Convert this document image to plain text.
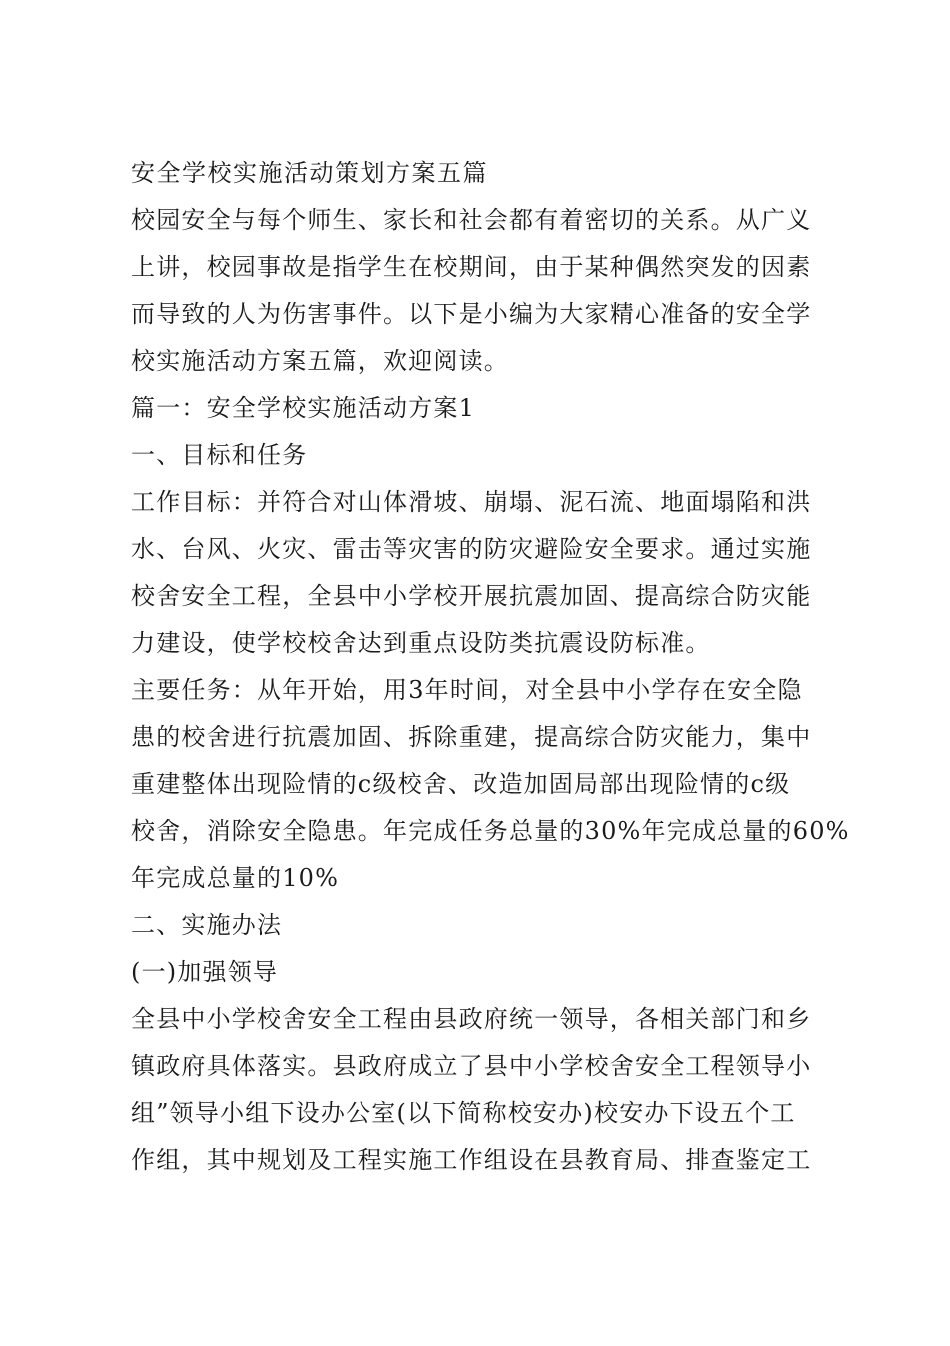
安全学校实施活动策划方案五篇
校园安全与每个师生、家长和社会都有着密切的关系。从广义
上讲，校园事故是指学生在校期间，由于某种偶然突发的因素
而导致的人为伤害事件。以下是小编为大家精心准备的安全学
校实施活动方案五篇，欢迎阅读。
篇一：安全学校实施活动方案1
一、目标和任务
工作目标：并符合对山体滑坡、崩塌、泥石流、地面塌陷和洪
水、台风、火灾、雷击等灾害的防灾避险安全要求。通过实施
校舍安全工程，全县中小学校开展抗震加固、提高综合防灾能
力建设，使学校校舍达到重点设防类抗震设防标准。
主要任务：从年开始，用3年时间，对全县中小学存在安全隐
患的校舍进行抗震加固、拆除重建，提高综合防灾能力，集中
重建整体出现险情的c级校舍、改造加固局部出现险情的c级
校舍，消除安全隐患。年完成任务总量的30%年完成总量的60%
年完成总量的10%
二、实施办法
(一)加强领导
全县中小学校舍安全工程由县政府统一领导，各相关部门和乡
镇政府具体落实。县政府成立了县中小学校舍安全工程领导小
组”领导小组下设办公室(以下简称校安办)校安办下设五个工
作组，其中规划及工程实施工作组设在县教育局、排查鉴定工
